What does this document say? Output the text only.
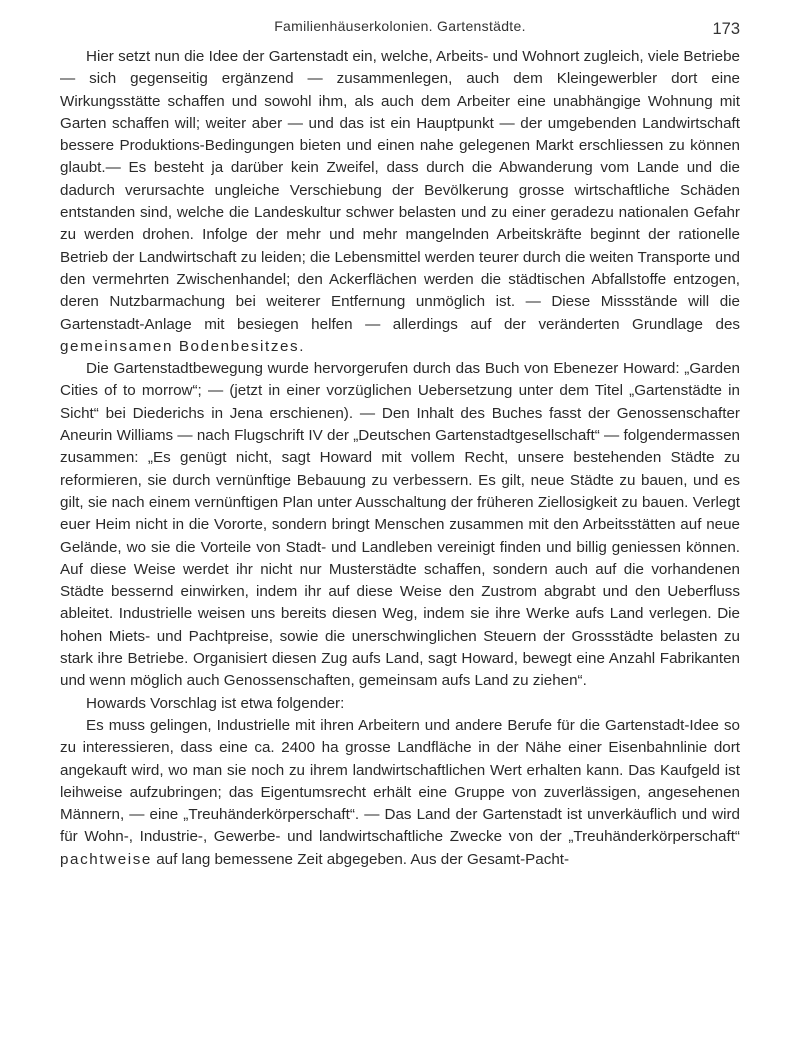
Familienhäuserkolonien. Gartenstädte.	173

Hier setzt nun die Idee der Gartenstadt ein, welche, Arbeits- und Wohnort zugleich, viele Betriebe — sich gegenseitig ergänzend — zusammenlegen, auch dem Kleingewerbler dort eine Wirkungsstätte schaffen und sowohl ihm, als auch dem Arbeiter eine unabhängige Wohnung mit Garten schaffen will; weiter aber — und das ist ein Hauptpunkt — der umgebenden Landwirtschaft bessere Produktions-Bedingungen bieten und einen nahe gelegenen Markt erschliessen zu können glaubt.— Es besteht ja darüber kein Zweifel, dass durch die Abwanderung vom Lande und die dadurch verursachte ungleiche Verschiebung der Bevölkerung grosse wirtschaftliche Schäden entstanden sind, welche die Landeskultur schwer belasten und zu einer geradezu nationalen Gefahr zu werden drohen. Infolge der mehr und mehr mangelnden Arbeitskräfte beginnt der rationelle Betrieb der Landwirtschaft zu leiden; die Lebensmittel werden teurer durch die weiten Transporte und den vermehrten Zwischenhandel; den Ackerflächen werden die städtischen Abfallstoffe entzogen, deren Nutzbarmachung bei weiterer Entfernung unmöglich ist. — Diese Missstände will die Gartenstadt-Anlage mit besiegen helfen — allerdings auf der veränderten Grundlage des gemeinsamen Bodenbesitzes.

Die Gartenstadtbewegung wurde hervorgerufen durch das Buch von Ebenezer Howard: „Garden Cities of to morrow“; — (jetzt in einer vorzüglichen Uebersetzung unter dem Titel „Gartenstädte in Sicht“ bei Diederichs in Jena erschienen). — Den Inhalt des Buches fasst der Genossenschafter Aneurin Williams — nach Flugschrift IV der „Deutschen Gartenstadtgesellschaft“ — folgendermassen zusammen: „Es genügt nicht, sagt Howard mit vollem Recht, unsere bestehenden Städte zu reformieren, sie durch vernünftige Bebauung zu verbessern. Es gilt, neue Städte zu bauen, und es gilt, sie nach einem vernünftigen Plan unter Ausschaltung der früheren Ziellosigkeit zu bauen. Verlegt euer Heim nicht in die Vororte, sondern bringt Menschen zusammen mit den Arbeitsstätten auf neue Gelände, wo sie die Vorteile von Stadt- und Landleben vereinigt finden und billig geniessen können. Auf diese Weise werdet ihr nicht nur Musterstädte schaffen, sondern auch auf die vorhandenen Städte bessernd einwirken, indem ihr auf diese Weise den Zustrom abgrabt und den Ueberfluss ableitet. Industrielle weisen uns bereits diesen Weg, indem sie ihre Werke aufs Land verlegen. Die hohen Miets- und Pachtpreise, sowie die unerschwinglichen Steuern der Grossstädte belasten zu stark ihre Betriebe. Organisiert diesen Zug aufs Land, sagt Howard, bewegt eine Anzahl Fabrikanten und wenn möglich auch Genossenschaften, gemeinsam aufs Land zu ziehen“.

Howards Vorschlag ist etwa folgender:

Es muss gelingen, Industrielle mit ihren Arbeitern und andere Berufe für die Gartenstadt-Idee so zu interessieren, dass eine ca. 2400 ha grosse Landfläche in der Nähe einer Eisenbahnlinie dort angekauft wird, wo man sie noch zu ihrem landwirtschaftlichen Wert erhalten kann. Das Kaufgeld ist leihweise aufzubringen; das Eigentumsrecht erhält eine Gruppe von zuverlässigen, angesehenen Männern, — eine „Treuhänderkörperschaft“. — Das Land der Gartenstadt ist unverkäuflich und wird für Wohn-, Industrie-, Gewerbe- und landwirtschaftliche Zwecke von der „Treuhänderkörperschaft“ pachtweise auf lang bemessene Zeit abgegeben. Aus der Gesamt-Pacht-
